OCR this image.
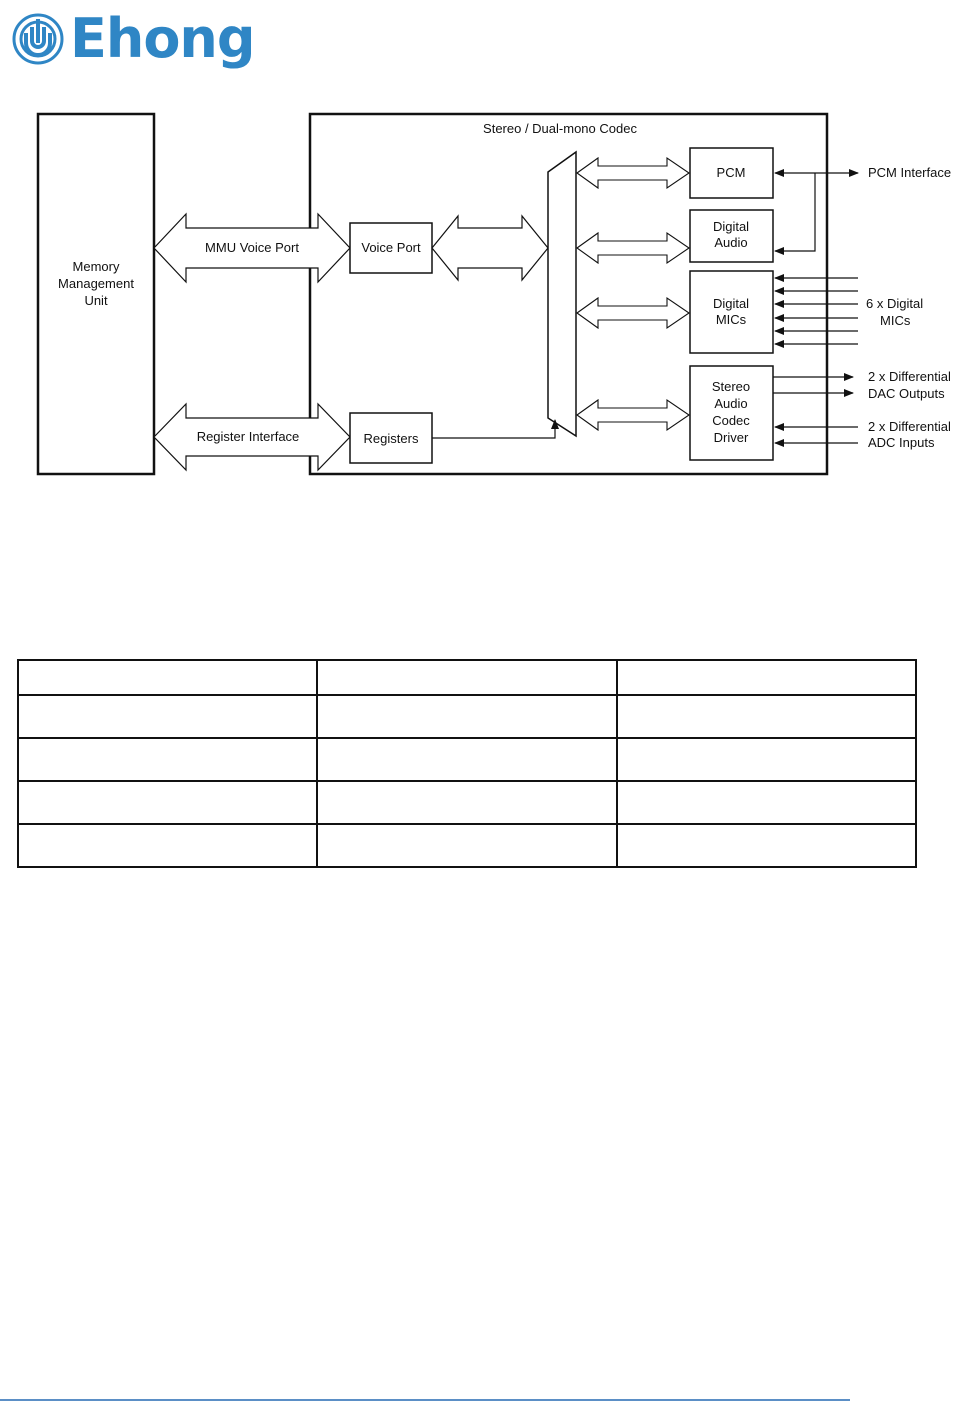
Ehong
Memory
Management
Unit
Stereo / Dual-mono Codec
MMU Voice Port
Register Interface
Voice Port
Registers
PCM
Digital
Audio
Digital
MICs
Stereo
Audio
Codec
Driver
PCM Interface
6 x Digital
MICs
2 x Differential
DAC Outputs
2 x Differential
ADC Inputs
